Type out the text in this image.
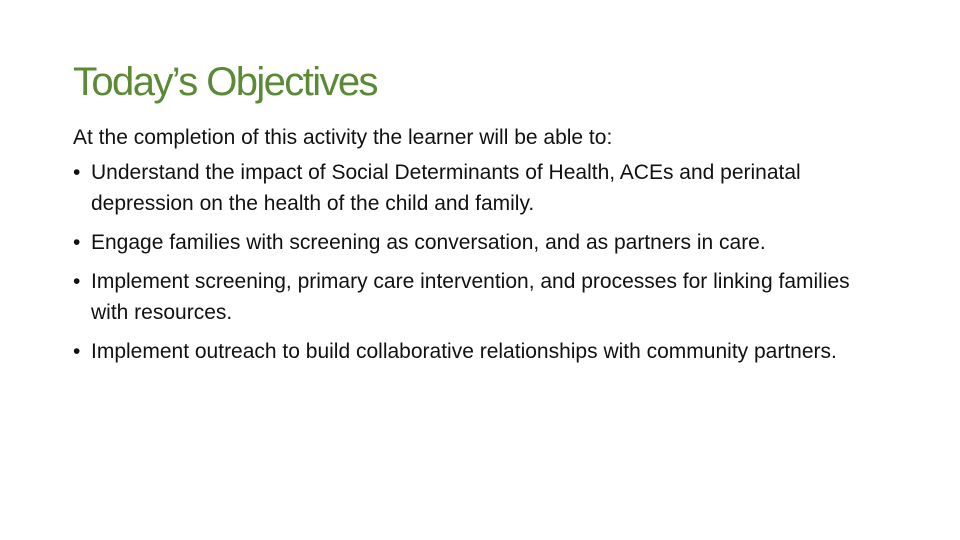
Today’s Objectives

At the completion of this activity the learner will be able to:

• Understand the impact of Social Determinants of Health, ACEs and perinatal depression on the health of the child and family.
• Engage families with screening as conversation, and as partners in care.
• Implement screening, primary care intervention, and processes for linking families with resources.
• Implement outreach to build collaborative relationships with community partners.
